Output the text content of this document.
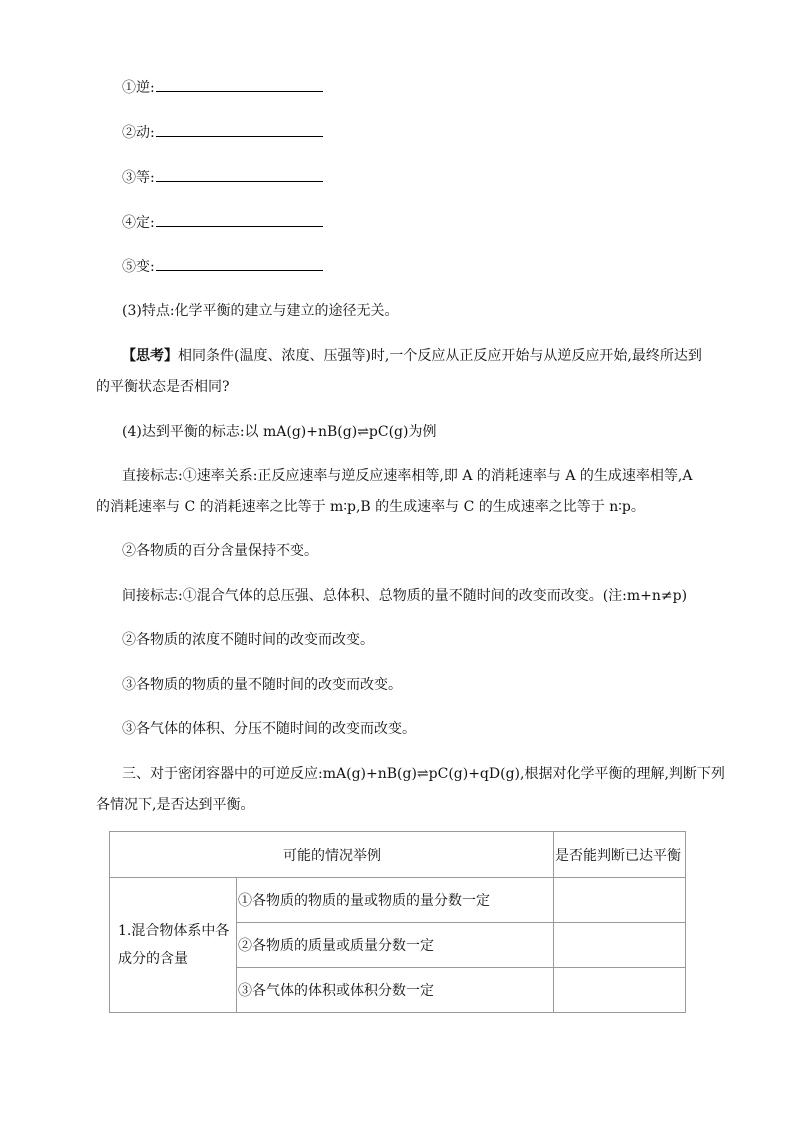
①逆:
②动:
③等:
④定:
⑤变:
(3)特点:化学平衡的建立与建立的途径无关。
【思考】相同条件(温度、浓度、压强等)时,一个反应从正反应开始与从逆反应开始,最终所达到
的平衡状态是否相同?
(4)达到平衡的标志:以 mA(g)+nB(g)⇌pC(g)为例
直接标志:①速率关系:正反应速率与逆反应速率相等,即 A 的消耗速率与 A 的生成速率相等,A
的消耗速率与 C 的消耗速率之比等于 m∶p,B 的生成速率与 C 的生成速率之比等于 n∶p。
②各物质的百分含量保持不变。
间接标志:①混合气体的总压强、总体积、总物质的量不随时间的改变而改变。(注:m+n≠p)
②各物质的浓度不随时间的改变而改变。
③各物质的物质的量不随时间的改变而改变。
③各气体的体积、分压不随时间的改变而改变。
三、对于密闭容器中的可逆反应:mA(g)+nB(g)⇌pC(g)+qD(g),根据对化学平衡的理解,判断下列
各情况下,是否达到平衡。
可能的情况举例		是否能判断已达平衡
1.混合物体系中各
成分的含量	①各物质的物质的量或物质的量分数一定	
	②各物质的质量或质量分数一定	
	③各气体的体积或体积分数一定	
